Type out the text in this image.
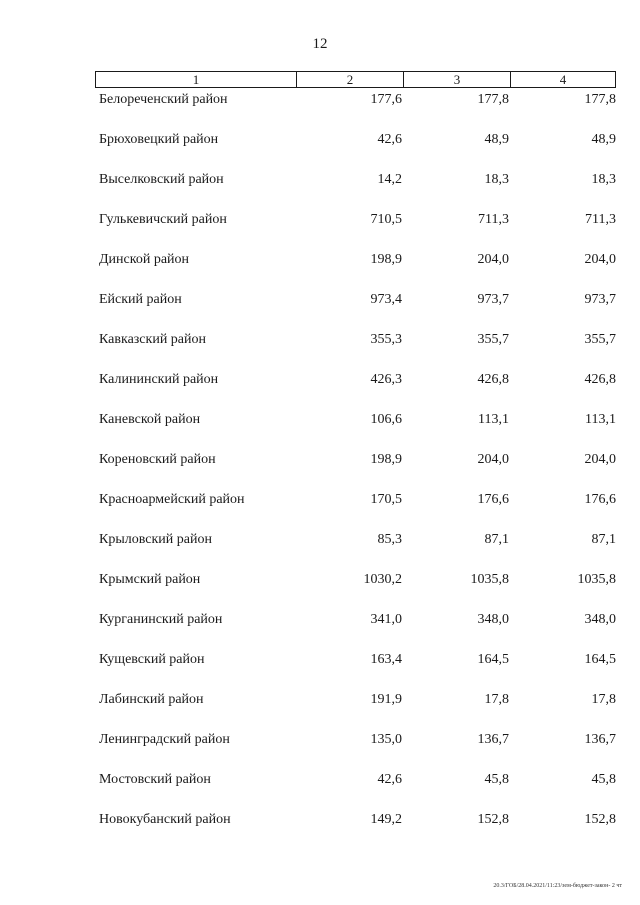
12
1	2	3	4
Белореченский район	177,6	177,8	177,8
Брюховецкий район	42,6	48,9	48,9
Выселковский район	14,2	18,3	18,3
Гулькевичский район	710,5	711,3	711,3
Динской район	198,9	204,0	204,0
Ейский район	973,4	973,7	973,7
Кавказский район	355,3	355,7	355,7
Калининский район	426,3	426,8	426,8
Каневской район	106,6	113,1	113,1
Кореновский район	198,9	204,0	204,0
Красноармейский район	170,5	176,6	176,6
Крыловский район	85,3	87,1	87,1
Крымский район	1030,2	1035,8	1035,8
Курганинский район	341,0	348,0	348,0
Кущевский район	163,4	164,5	164,5
Лабинский район	191,9	17,8	17,8
Ленинградский район	135,0	136,7	136,7
Мостовский район	42,6	45,8	45,8
Новокубанский район	149,2	152,8	152,8
20.3/ГОБ/28.04.2021/11:23/зем-бюджет-закон- 2 чт
